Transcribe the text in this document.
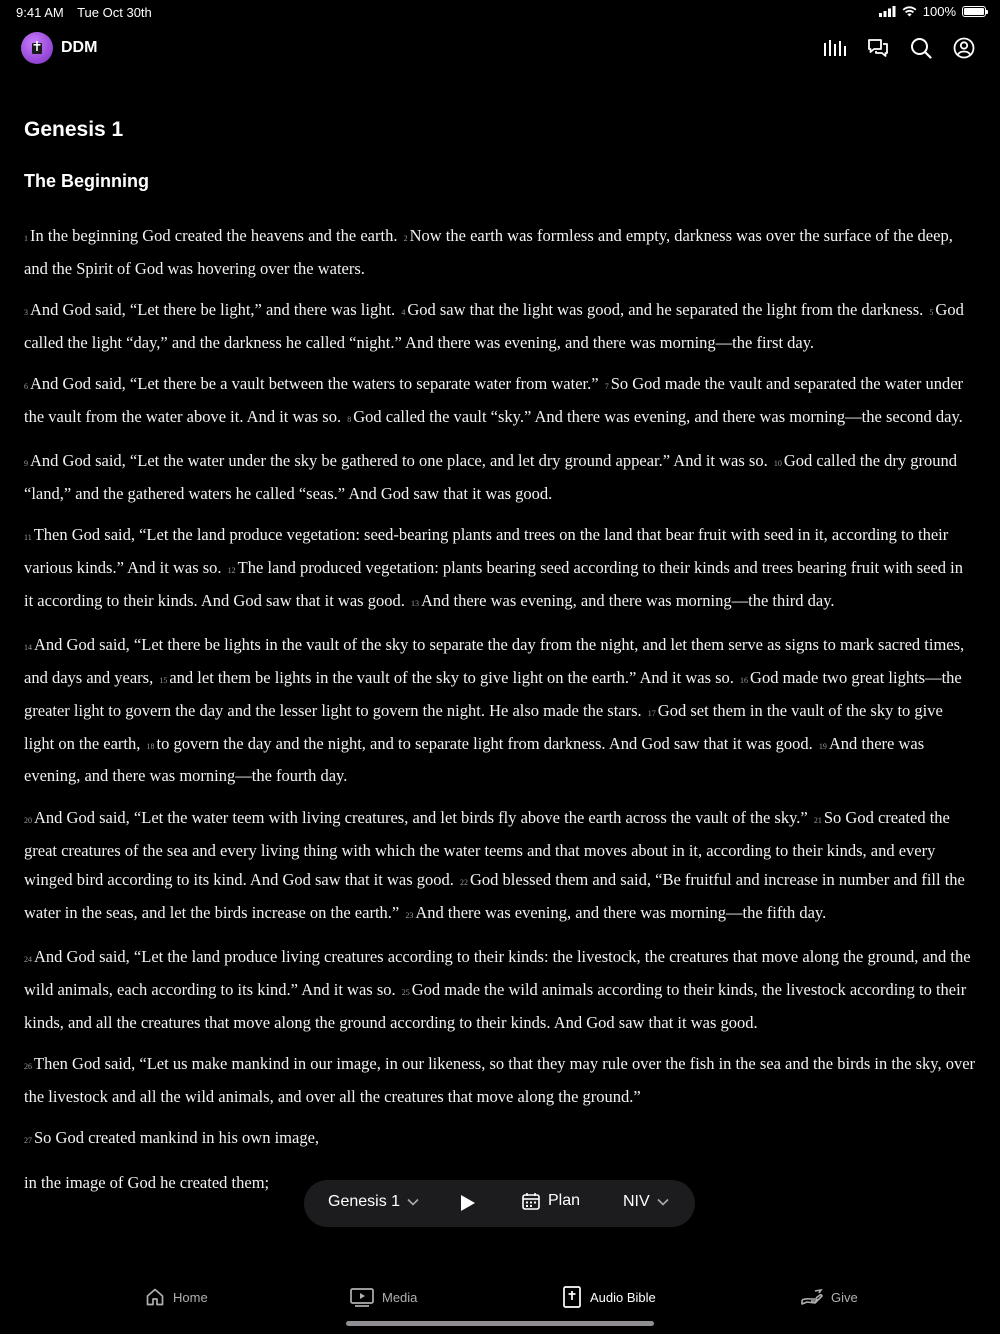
9:41 AM Tue Oct 30th	100%
DDM
Genesis 1
The Beginning

1 In the beginning God created the heavens and the earth. 2 Now the earth was formless and empty, darkness was over the surface of the deep, and the Spirit of God was hovering over the waters.

3 And God said, “Let there be light,” and there was light. 4 God saw that the light was good, and he separated the light from the darkness. 5 God called the light “day,” and the darkness he called “night.” And there was evening, and there was morning—the first day.

6 And God said, “Let there be a vault between the waters to separate water from water.” 7 So God made the vault and separated the water under the vault from the water above it. And it was so. 8 God called the vault “sky.” And there was evening, and there was morning—the second day.

9 And God said, “Let the water under the sky be gathered to one place, and let dry ground appear.” And it was so. 10 God called the dry ground “land,” and the gathered waters he called “seas.” And God saw that it was good.

11 Then God said, “Let the land produce vegetation: seed-bearing plants and trees on the land that bear fruit with seed in it, according to their various kinds.” And it was so. 12 The land produced vegetation: plants bearing seed according to their kinds and trees bearing fruit with seed in it according to their kinds. And God saw that it was good. 13 And there was evening, and there was morning—the third day.

14 And God said, “Let there be lights in the vault of the sky to separate the day from the night, and let them serve as signs to mark sacred times, and days and years, 15 and let them be lights in the vault of the sky to give light on the earth.” And it was so. 16 God made two great lights—the greater light to govern the day and the lesser light to govern the night. He also made the stars. 17 God set them in the vault of the sky to give light on the earth, 18 to govern the day and the night, and to separate light from darkness. And God saw that it was good. 19 And there was evening, and there was morning—the fourth day.

20 And God said, “Let the water teem with living creatures, and let birds fly above the earth across the vault of the sky.” 21 So God created the great creatures of the sea and every living thing with which the water teems and that moves about in it, according to their kinds, and every winged bird according to its kind. And God saw that it was good. 22 God blessed them and said, “Be fruitful and increase in number and fill the water in the seas, and let the birds increase on the earth.” 23 And there was evening, and there was morning—the fifth day.

24 And God said, “Let the land produce living creatures according to their kinds: the livestock, the creatures that move along the ground, and the wild animals, each according to its kind.” And it was so. 25 God made the wild animals according to their kinds, the livestock according to their kinds, and all the creatures that move along the ground according to their kinds. And God saw that it was good.

26 Then God said, “Let us make mankind in our image, in our likeness, so that they may rule over the fish in the sea and the birds in the sky, over the livestock and all the wild animals, and over all the creatures that move along the ground.”

27 So God created mankind in his own image,

in the image of God he created them;

Genesis 1	Plan	NIV
Home	Media	Audio Bible	Give
